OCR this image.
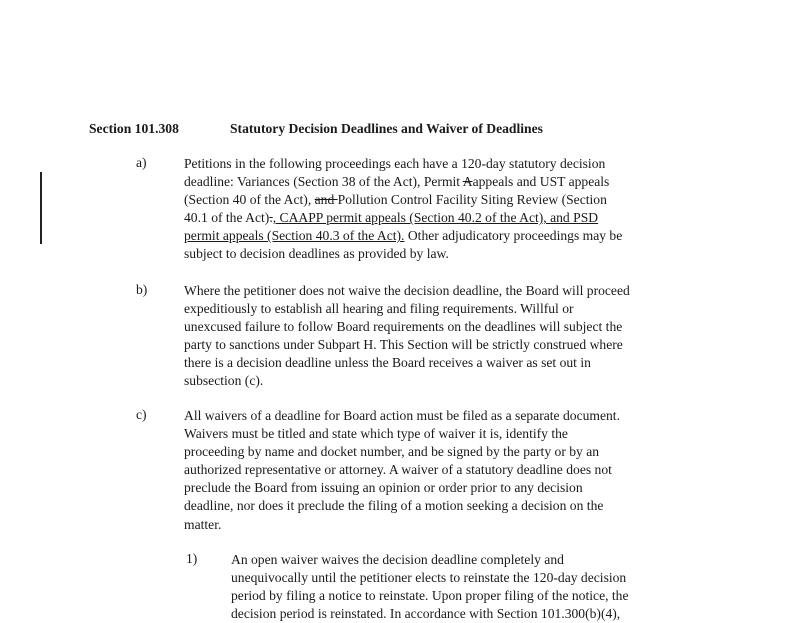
Section 101.308	Statutory Decision Deadlines and Waiver of Deadlines
a)	Petitions in the following proceedings each have a 120-day statutory decision
deadline: Variances (Section 38 of the Act), Permit Aappeals and UST appeals
(Section 40 of the Act), and Pollution Control Facility Siting Review (Section
40.1 of the Act)., CAAPP permit appeals (Section 40.2 of the Act), and PSD
permit appeals (Section 40.3 of the Act). Other adjudicatory proceedings may be
subject to decision deadlines as provided by law.
b)	Where the petitioner does not waive the decision deadline, the Board will proceed
expeditiously to establish all hearing and filing requirements. Willful or
unexcused failure to follow Board requirements on the deadlines will subject the
party to sanctions under Subpart H. This Section will be strictly construed where
there is a decision deadline unless the Board receives a waiver as set out in
subsection (c).
c)	All waivers of a deadline for Board action must be filed as a separate document.
Waivers must be titled and state which type of waiver it is, identify the
proceeding by name and docket number, and be signed by the party or by an
authorized representative or attorney. A waiver of a statutory deadline does not
preclude the Board from issuing an opinion or order prior to any decision
deadline, nor does it preclude the filing of a motion seeking a decision on the
matter.
1) An open waiver waives the decision deadline completely and
unequivocally until the petitioner elects to reinstate the 120-day decision
period by filing a notice to reinstate. Upon proper filing of the notice, the
decision period is reinstated. In accordance with Section 101.300(b)(4),
